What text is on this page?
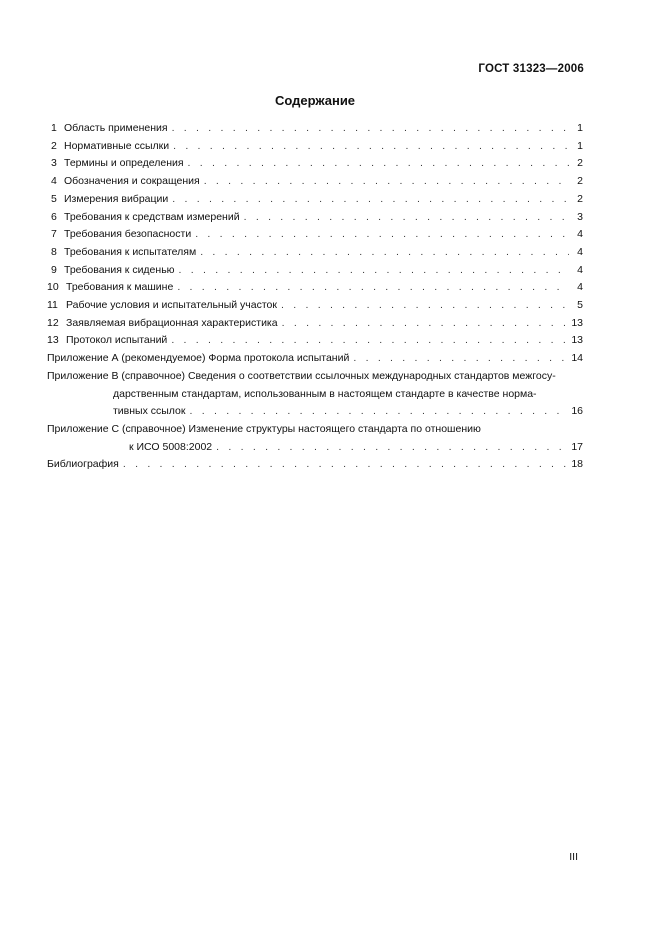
ГОСТ 31323—2006
Содержание
1 Область применения . . .	1
2 Нормативные ссылки . . .	1
3 Термины и определения . . .	2
4 Обозначения и сокращения . . .	2
5 Измерения вибрации . . .	2
6 Требования к средствам измерений . . .	3
7 Требования безопасности . . .	4
8 Требования к испытателям . . .	4
9 Требования к сиденью . . .	4
10 Требования к машине . . .	4
11 Рабочие условия и испытательный участок . . .	5
12 Заявляемая вибрационная характеристика . . .	13
13 Протокол испытаний . . .	13
Приложение А (рекомендуемое) Форма протокола испытаний . . .	14
Приложение В (справочное) Сведения о соответствии ссылочных международных стандартов межгосу-
дарственным стандартам, использованным в настоящем стандарте в качестве норма-
тивных ссылок . . .	16
Приложение С (справочное) Изменение структуры настоящего стандарта по отношению
к ИСО 5008:2002 . . .	17
Библиография . . .	18
III
